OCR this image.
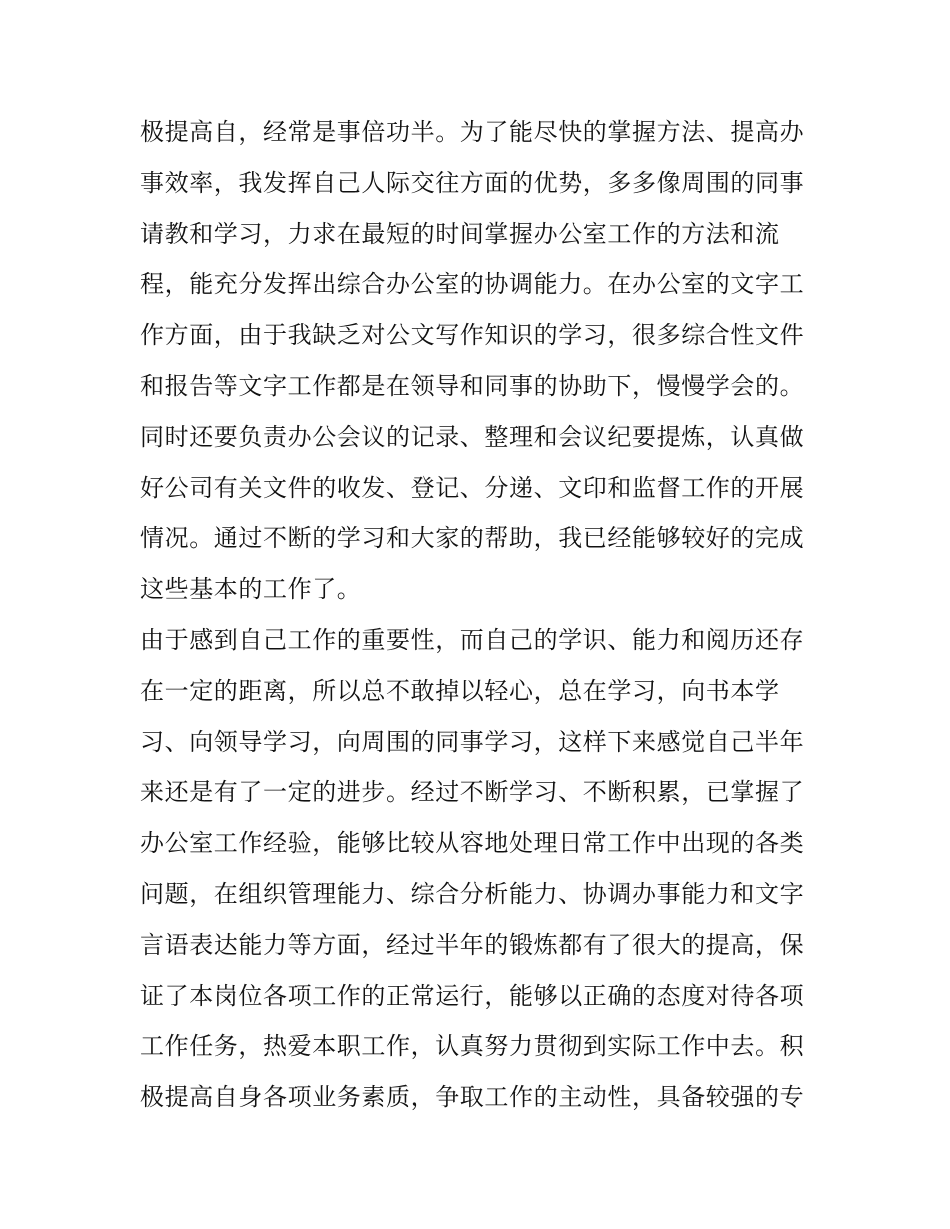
极提高自，经常是事倍功半。为了能尽快的掌握方法、提高办
事效率，我发挥自己人际交往方面的优势，多多像周围的同事
请教和学习，力求在最短的时间掌握办公室工作的方法和流
程，能充分发挥出综合办公室的协调能力。在办公室的文字工
作方面，由于我缺乏对公文写作知识的学习，很多综合性文件
和报告等文字工作都是在领导和同事的协助下，慢慢学会的。
同时还要负责办公会议的记录、整理和会议纪要提炼，认真做
好公司有关文件的收发、登记、分递、文印和监督工作的开展
情况。通过不断的学习和大家的帮助，我已经能够较好的完成
这些基本的工作了。
由于感到自己工作的重要性，而自己的学识、能力和阅历还存
在一定的距离，所以总不敢掉以轻心，总在学习，向书本学
习、向领导学习，向周围的同事学习，这样下来感觉自己半年
来还是有了一定的进步。经过不断学习、不断积累，已掌握了
办公室工作经验，能够比较从容地处理日常工作中出现的各类
问题，在组织管理能力、综合分析能力、协调办事能力和文字
言语表达能力等方面，经过半年的锻炼都有了很大的提高，保
证了本岗位各项工作的正常运行，能够以正确的态度对待各项
工作任务，热爱本职工作，认真努力贯彻到实际工作中去。积
极提高自身各项业务素质，争取工作的主动性，具备较强的专
